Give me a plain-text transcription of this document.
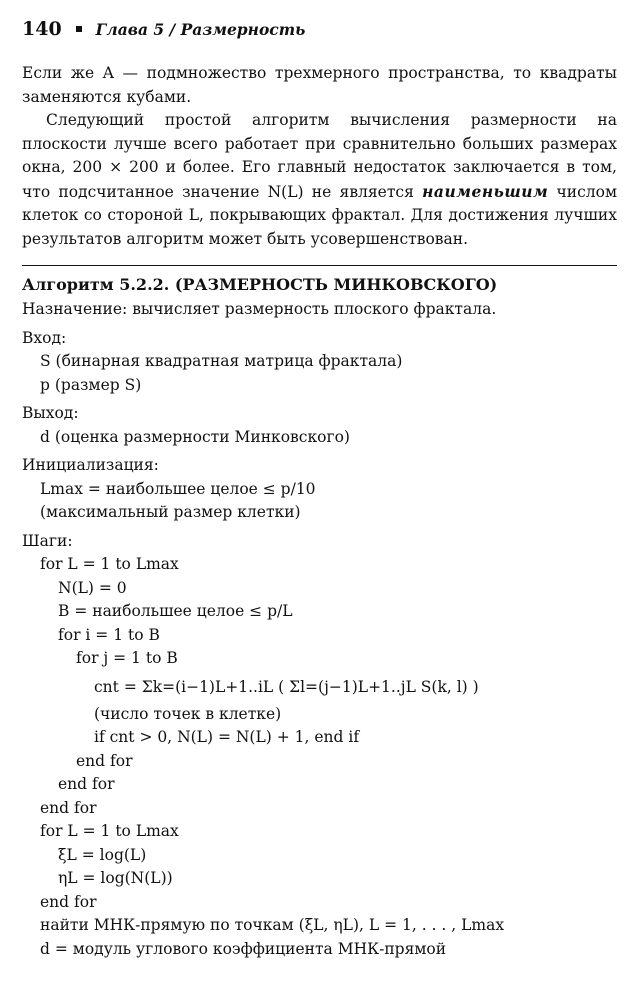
140 Глава 5 / Размерность

Если же A — подмножество трехмерного пространства, то квадраты заменяются кубами.

Следующий простой алгоритм вычисления размерности на плоскости лучше всего работает при сравнительно больших размерах окна, 200 × 200 и более. Его главный недостаток заключается в том, что подсчитанное значение N(L) не является наименьшим числом клеток со стороной L, покрывающих фрактал. Для достижения лучших результатов алгоритм может быть усовершенствован.

Алгоритм 5.2.2. (РАЗМЕРНОСТЬ МИНКОВСКОГО)
Назначение: вычисляет размерность плоского фрактала.
Вход:
S (бинарная квадратная матрица фрактала)
p (размер S)
Выход:
d (оценка размерности Минковского)
Инициализация:
Lmax = наибольшее целое ≤ p/10
(максимальный размер клетки)
Шаги:
for L = 1 to Lmax
N(L) = 0
B = наибольшее целое ≤ p/L
for i = 1 to B
for j = 1 to B
cnt = Σk=(i−1)L+1..iL ( Σl=(j−1)L+1..jL S(k, l) )
(число точек в клетке)
if cnt > 0, N(L) = N(L) + 1, end if
end for
end for
end for
for L = 1 to Lmax
ξL = log(L)
ηL = log(N(L))
end for
найти МНК-прямую по точкам (ξL, ηL), L = 1, . . . , Lmax
d = модуль углового коэффициента МНК-прямой
